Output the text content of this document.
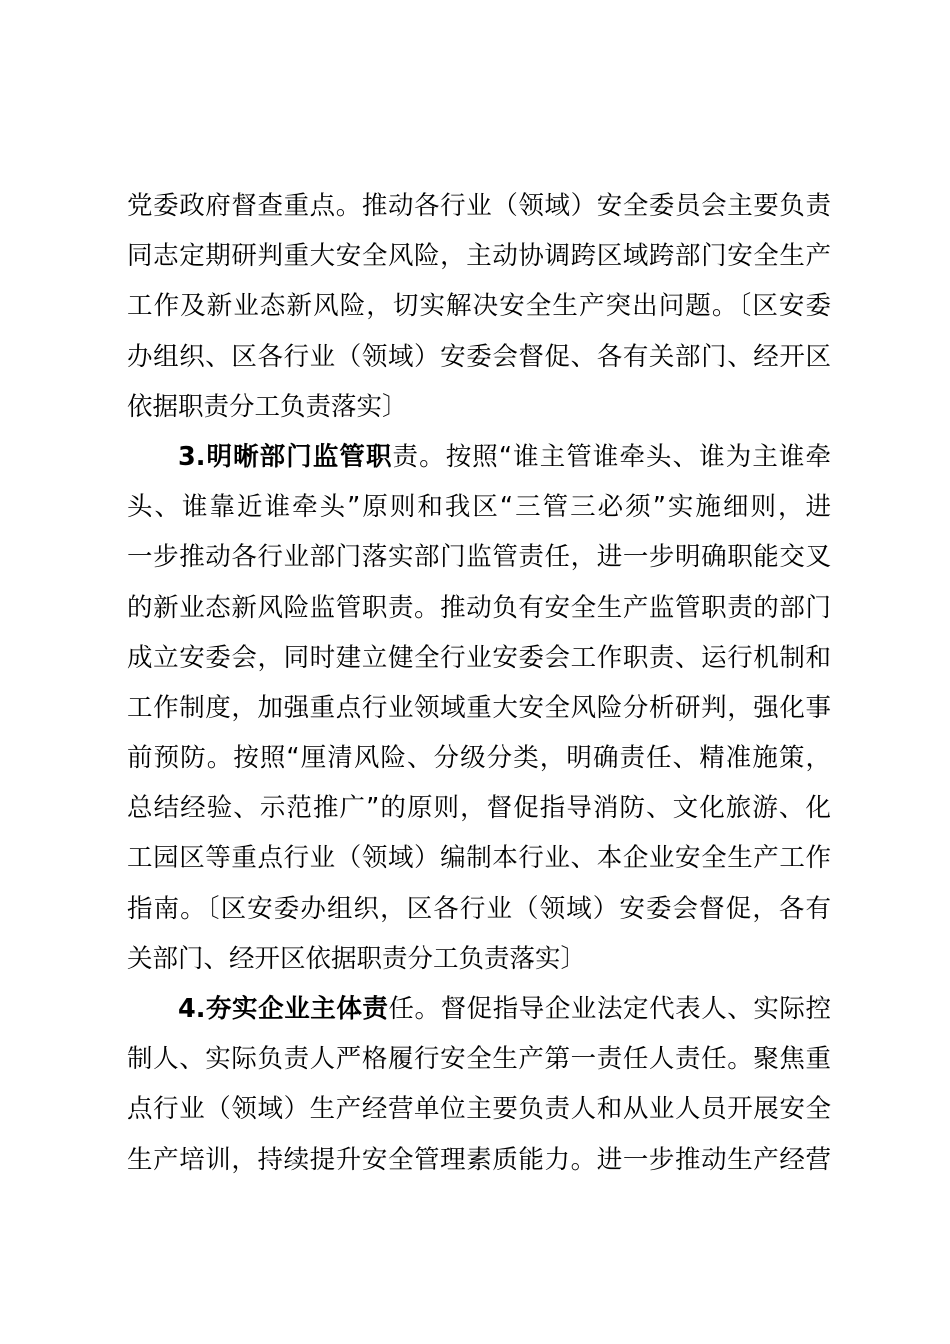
党委政府督查重点。推动各行业（领域）安全委员会主要负责
同志定期研判重大安全风险，主动协调跨区域跨部门安全生产
工作及新业态新风险，切实解决安全生产突出问题。〔区安委
办组织、区各行业（领域）安委会督促、各有关部门、经开区
依据职责分工负责落实〕
3.明晰部门监管职责。按照“谁主管谁牵头、谁为主谁牵
头、谁靠近谁牵头”原则和我区“三管三必须”实施细则，进
一步推动各行业部门落实部门监管责任，进一步明确职能交叉
的新业态新风险监管职责。推动负有安全生产监管职责的部门
成立安委会，同时建立健全行业安委会工作职责、运行机制和
工作制度，加强重点行业领域重大安全风险分析研判，强化事
前预防。按照“厘清风险、分级分类，明确责任、精准施策，
总结经验、示范推广”的原则，督促指导消防、文化旅游、化
工园区等重点行业（领域）编制本行业、本企业安全生产工作
指南。〔区安委办组织，区各行业（领域）安委会督促，各有
关部门、经开区依据职责分工负责落实〕
4.夯实企业主体责任。督促指导企业法定代表人、实际控
制人、实际负责人严格履行安全生产第一责任人责任。聚焦重
点行业（领域）生产经营单位主要负责人和从业人员开展安全
生产培训，持续提升安全管理素质能力。进一步推动生产经营
